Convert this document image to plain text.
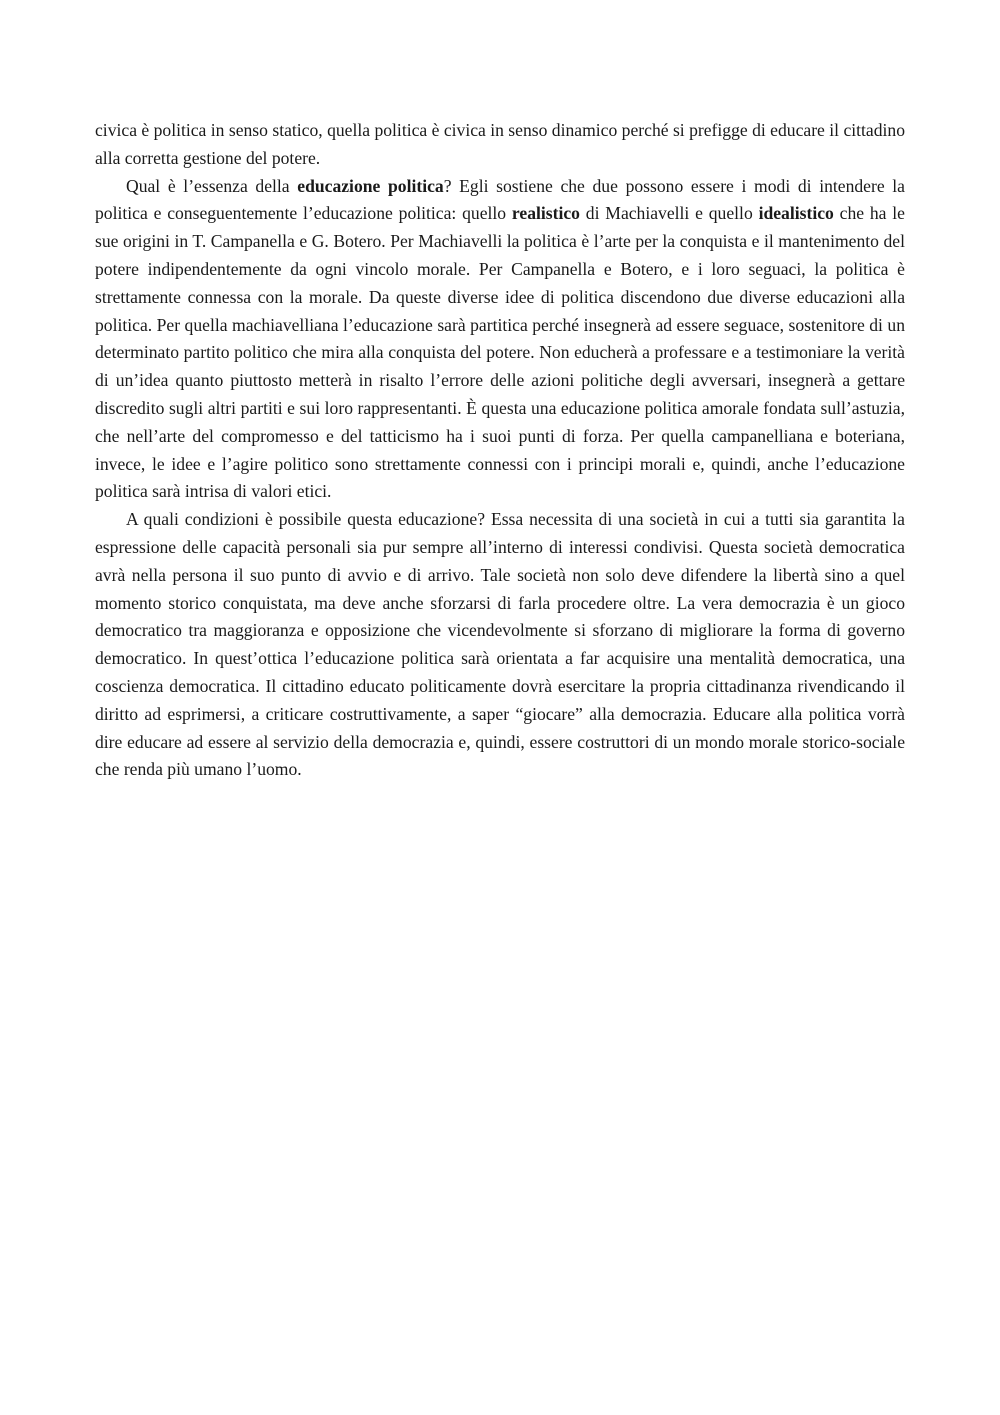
civica è politica in senso statico, quella politica è civica in senso dinamico perché si prefigge di educare il cittadino alla corretta gestione del potere.

Qual è l’essenza della educazione politica? Egli sostiene che due possono essere i modi di intendere la politica e conseguentemente l’educazione politica: quello realistico di Machiavelli e quello idealistico che ha le sue origini in T. Campanella e G. Botero. Per Machiavelli la politica è l’arte per la conquista e il mantenimento del potere indipendentemente da ogni vincolo morale. Per Campanella e Botero, e i loro seguaci, la politica è strettamente connessa con la morale. Da queste diverse idee di politica discendono due diverse educazioni alla politica. Per quella machiavelliana l’educazione sarà partitica perché insegnerà ad essere seguace, sostenitore di un determinato partito politico che mira alla conquista del potere. Non educherà a professare e a testimoniare la verità di un’idea quanto piuttosto metterà in risalto l’errore delle azioni politiche degli avversari, insegnerà a gettare discredito sugli altri partiti e sui loro rappresentanti. È questa una educazione politica amorale fondata sull’astuzia, che nell’arte del compromesso e del tatticismo ha i suoi punti di forza. Per quella campanelliana e boteriana, invece, le idee e l’agire politico sono strettamente connessi con i principi morali e, quindi, anche l’educazione politica sarà intrisa di valori etici.

A quali condizioni è possibile questa educazione? Essa necessita di una società in cui a tutti sia garantita la espressione delle capacità personali sia pur sempre all’interno di interessi condivisi. Questa società democratica avrà nella persona il suo punto di avvio e di arrivo. Tale società non solo deve difendere la libertà sino a quel momento storico conquistata, ma deve anche sforzarsi di farla procedere oltre. La vera democrazia è un gioco democratico tra maggioranza e opposizione che vicendevolmente si sforzano di migliorare la forma di governo democratico. In quest’ottica l’educazione politica sarà orientata a far acquisire una mentalità democratica, una coscienza democratica. Il cittadino educato politicamente dovrà esercitare la propria cittadinanza rivendicando il diritto ad esprimersi, a criticare costruttivamente, a saper “giocare” alla democrazia. Educare alla politica vorrà dire educare ad essere al servizio della democrazia e, quindi, essere costruttori di un mondo morale storico-sociale che renda più umano l’uomo.
